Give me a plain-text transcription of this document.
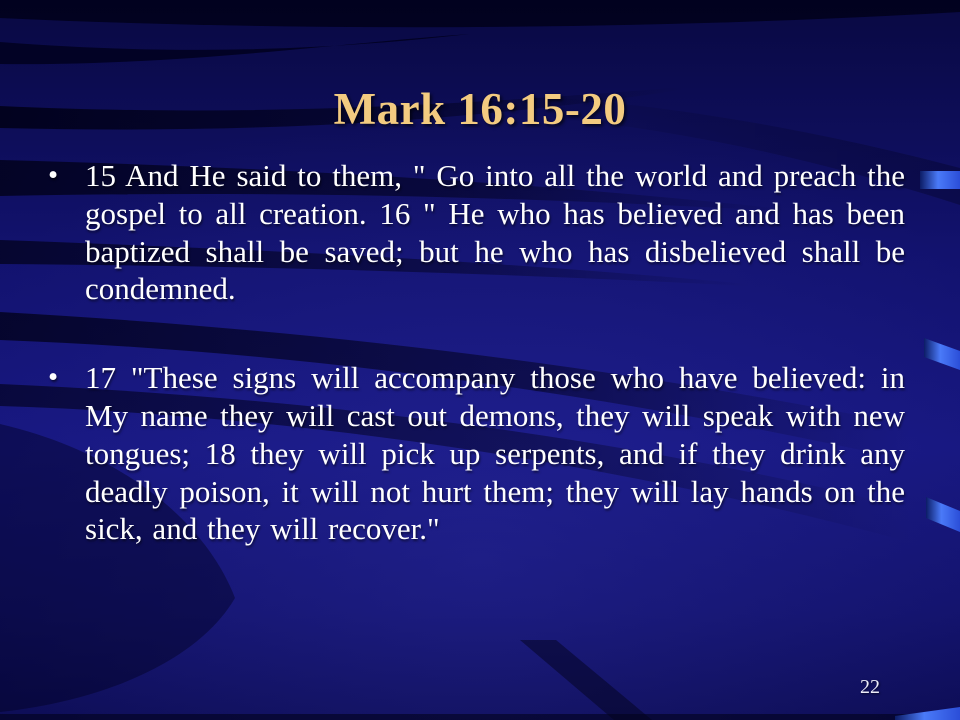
Mark 16:15-20
• 15 And He said to them, " Go into all the world and preach the gospel to all creation. 16 " He who has believed and has been baptized shall be saved; but he who has disbelieved shall be condemned.
• 17 "These signs will accompany those who have believed: in My name they will cast out demons, they will speak with new tongues; 18 they will pick up serpents, and if they drink any deadly poison, it will not hurt them; they will lay hands on the sick, and they will recover."
22
